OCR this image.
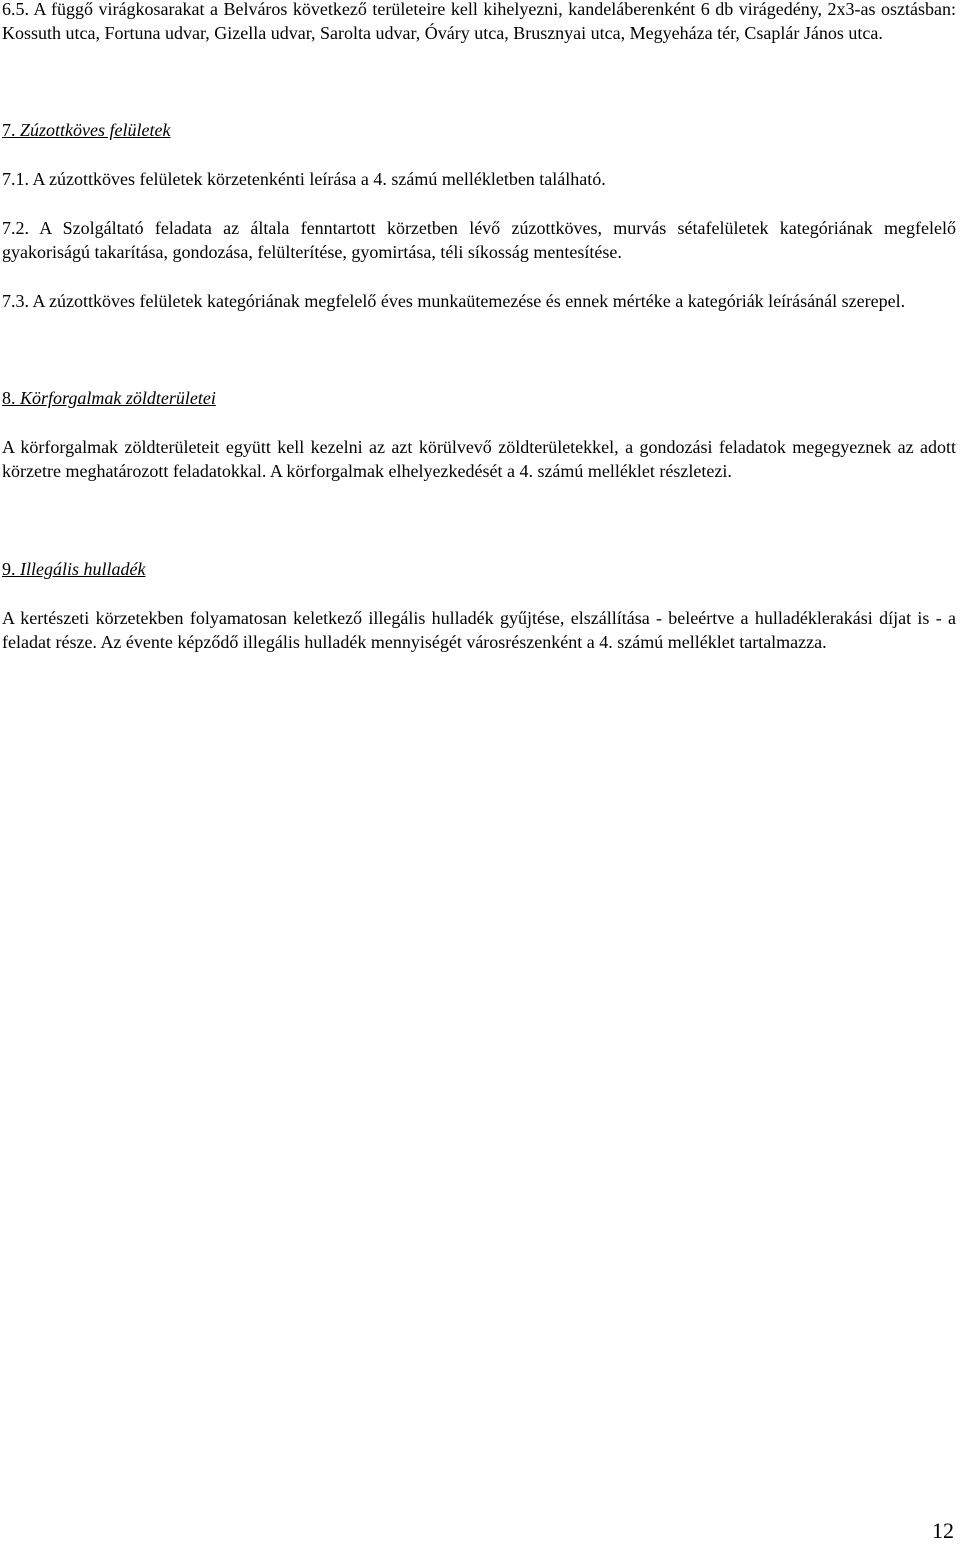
6.5. A függő virágkosarakat a Belváros következő területeire kell kihelyezni, kandeláberenként 6 db virágedény, 2x3-as osztásban: Kossuth utca, Fortuna udvar, Gizella udvar, Sarolta udvar, Óváry utca, Brusznyai utca, Megyeháza tér, Csaplár János utca.

7. Zúzottköves felületek

7.1. A zúzottköves felületek körzetenkénti leírása a 4. számú mellékletben található.

7.2. A Szolgáltató feladata az általa fenntartott körzetben lévő zúzottköves, murvás sétafelületek kategóriának megfelelő gyakoriságú takarítása, gondozása, felülterítése, gyomirtása, téli síkosság mentesítése.

7.3. A zúzottköves felületek kategóriának megfelelő éves munkaütemezése és ennek mértéke a kategóriák leírásánál szerepel.

8. Körforgalmak zöldterületei

A körforgalmak zöldterületeit együtt kell kezelni az azt körülvevő zöldterületekkel, a gondozási feladatok megegyeznek az adott körzetre meghatározott feladatokkal. A körforgalmak elhelyezkedését a 4. számú melléklet részletezi.

9. Illegális hulladék

A kertészeti körzetekben folyamatosan keletkező illegális hulladék gyűjtése, elszállítása - beleértve a hulladéklerakási díjat is - a feladat része. Az évente képződő illegális hulladék mennyiségét városrészenként a 4. számú melléklet tartalmazza.

12
